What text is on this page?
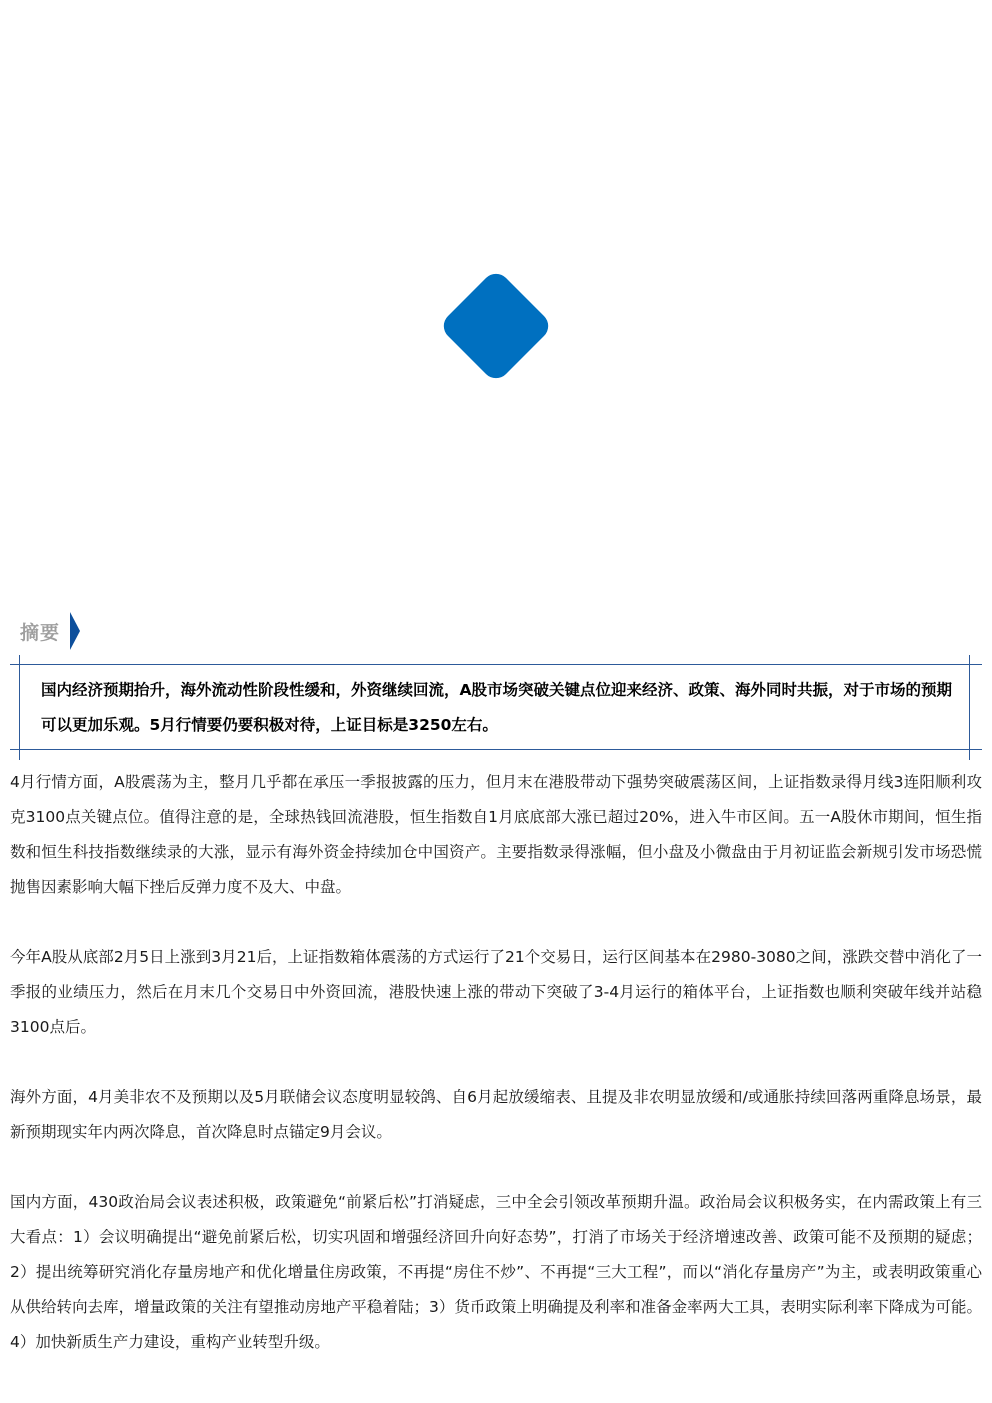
摘要
国内经济预期抬升，海外流动性阶段性缓和，外资继续回流，A股市场突破关键点位迎来经济、政策、海外同时共振，对于市场的预期可以更加乐观。5月行情要仍要积极对待，上证目标是3250左右。

4月行情方面，A股震荡为主，整月几乎都在承压一季报披露的压力，但月末在港股带动下强势突破震荡区间，上证指数录得月线3连阳顺利攻克3100点关键点位。值得注意的是，全球热钱回流港股，恒生指数自1月底底部大涨已超过20%，进入牛市区间。五一A股休市期间，恒生指数和恒生科技指数继续录的大涨，显示有海外资金持续加仓中国资产。主要指数录得涨幅，但小盘及小微盘由于月初证监会新规引发市场恐慌抛售因素影响大幅下挫后反弹力度不及大、中盘。

今年A股从底部2月5日上涨到3月21后，上证指数箱体震荡的方式运行了21个交易日，运行区间基本在2980-3080之间，涨跌交替中消化了一季报的业绩压力，然后在月末几个交易日中外资回流，港股快速上涨的带动下突破了3-4月运行的箱体平台，上证指数也顺利突破年线并站稳3100点后。

海外方面，4月美非农不及预期以及5月联储会议态度明显较鸽、自6月起放缓缩表、且提及非农明显放缓和/或通胀持续回落两重降息场景，最新预期现实年内两次降息，首次降息时点锚定9月会议。

国内方面，430政治局会议表述积极，政策避免“前紧后松”打消疑虑，三中全会引领改革预期升温。政治局会议积极务实，在内需政策上有三大看点：1）会议明确提出“避免前紧后松，切实巩固和增强经济回升向好态势”，打消了市场关于经济增速改善、政策可能不及预期的疑虑；2）提出统筹研究消化存量房地产和优化增量住房政策，不再提“房住不炒”、不再提“三大工程”，而以“消化存量房产”为主，或表明政策重心从供给转向去库，增量政策的关注有望推动房地产平稳着陆；3）货币政策上明确提及利率和准备金率两大工具，表明实际利率下降成为可能。4）加快新质生产力建设，重构产业转型升级。
